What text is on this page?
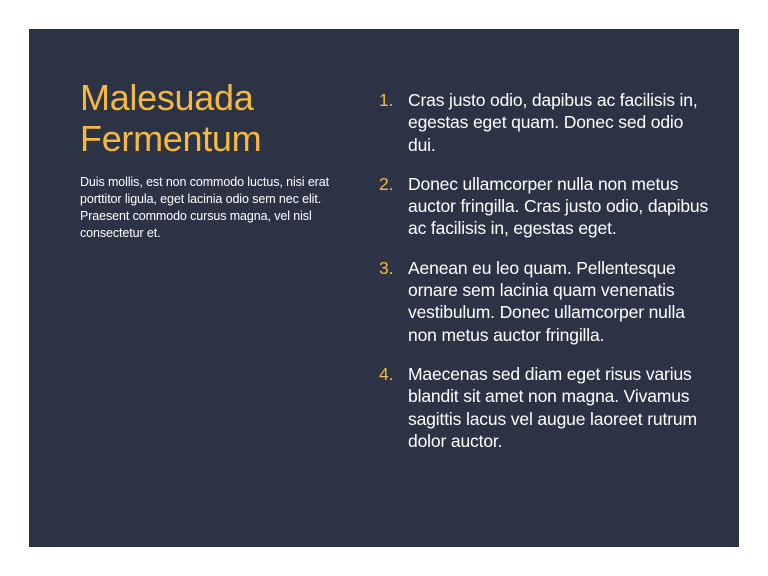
Malesuada
Fermentum

Duis mollis, est non commodo luctus, nisi erat porttitor ligula, eget lacinia odio sem nec elit. Praesent commodo cursus magna, vel nisl consectetur et.

1. Cras justo odio, dapibus ac facilisis in, egestas eget quam. Donec sed odio dui.
2. Donec ullamcorper nulla non metus auctor fringilla. Cras justo odio, dapibus ac facilisis in, egestas eget.
3. Aenean eu leo quam. Pellentesque ornare sem lacinia quam venenatis vestibulum. Donec ullamcorper nulla non metus auctor fringilla.
4. Maecenas sed diam eget risus varius blandit sit amet non magna. Vivamus sagittis lacus vel augue laoreet rutrum dolor auctor.
